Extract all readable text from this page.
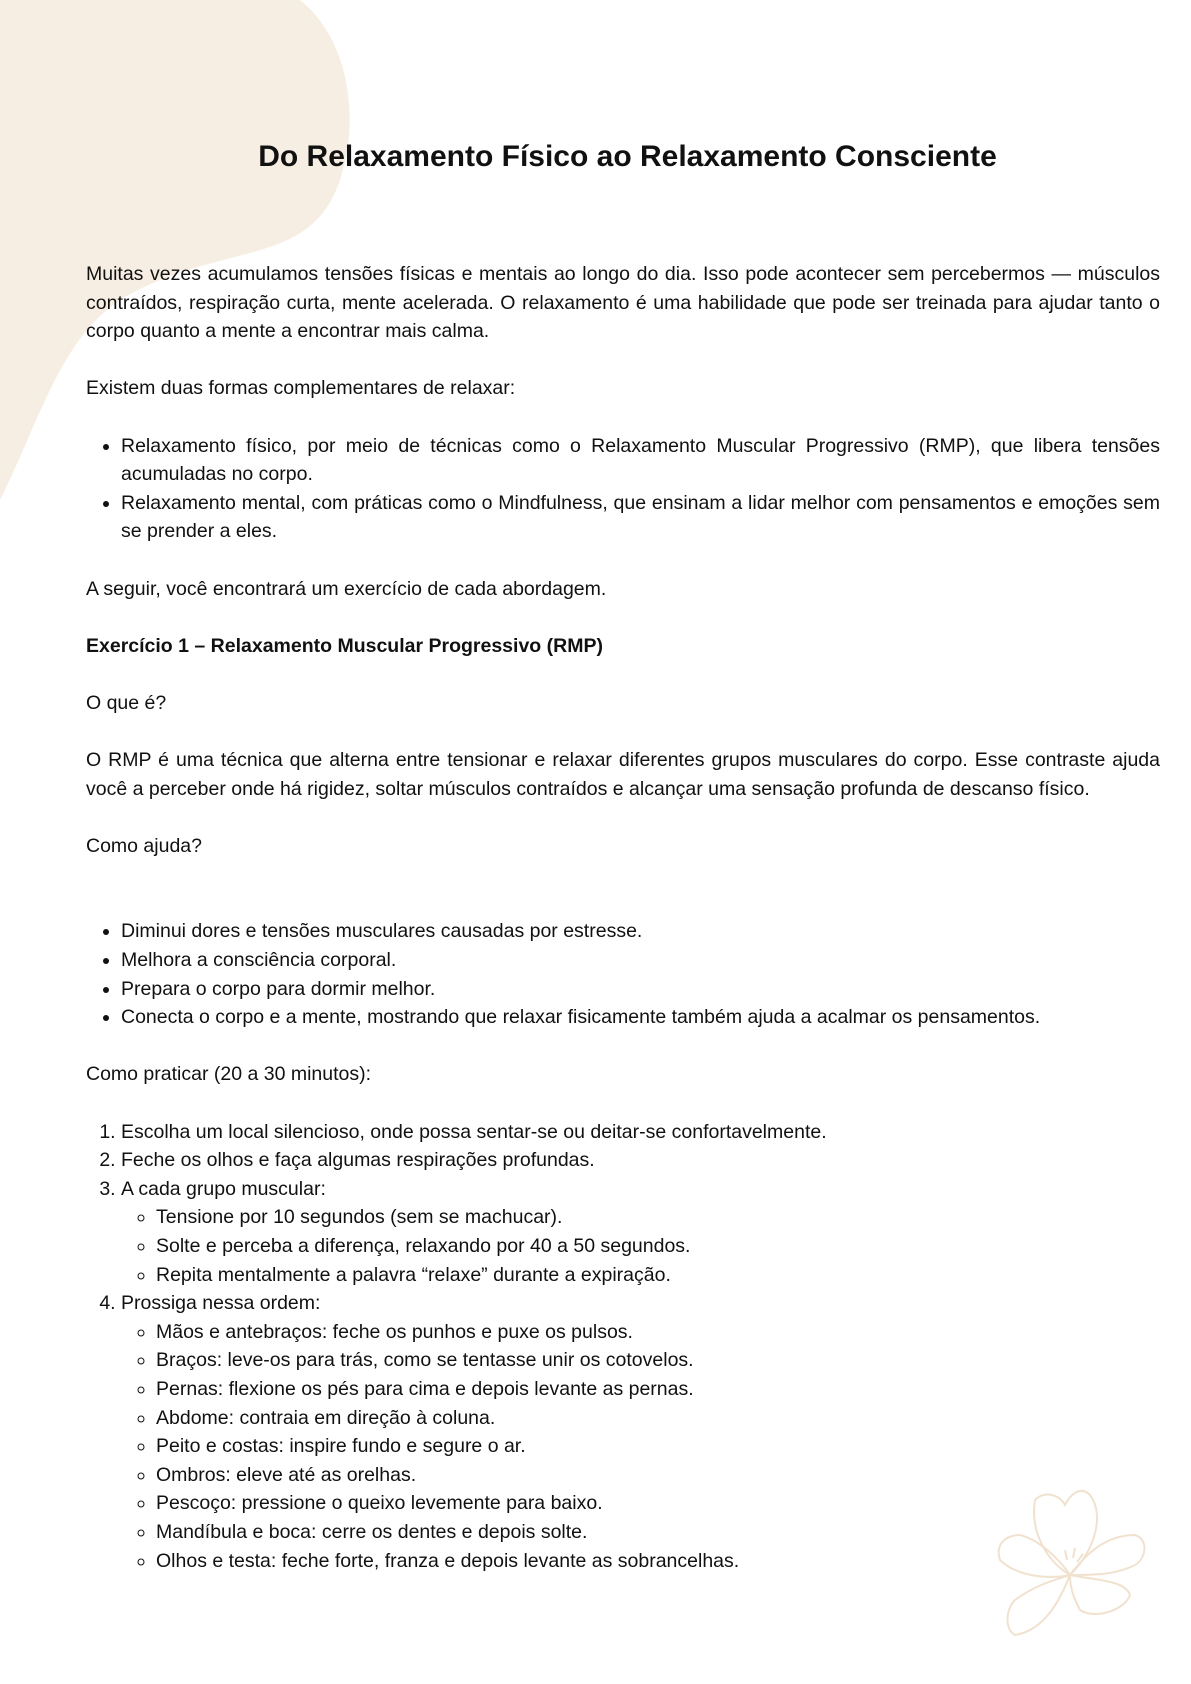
Do Relaxamento Físico ao Relaxamento Consciente

Muitas vezes acumulamos tensões físicas e mentais ao longo do dia. Isso pode acontecer sem percebermos — músculos contraídos, respiração curta, mente acelerada. O relaxamento é uma habilidade que pode ser treinada para ajudar tanto o corpo quanto a mente a encontrar mais calma.

Existem duas formas complementares de relaxar:

• Relaxamento físico, por meio de técnicas como o Relaxamento Muscular Progressivo (RMP), que libera tensões acumuladas no corpo.
• Relaxamento mental, com práticas como o Mindfulness, que ensinam a lidar melhor com pensamentos e emoções sem se prender a eles.

A seguir, você encontrará um exercício de cada abordagem.

Exercício 1 – Relaxamento Muscular Progressivo (RMP)

O que é?

O RMP é uma técnica que alterna entre tensionar e relaxar diferentes grupos musculares do corpo. Esse contraste ajuda você a perceber onde há rigidez, soltar músculos contraídos e alcançar uma sensação profunda de descanso físico.

Como ajuda?

• Diminui dores e tensões musculares causadas por estresse.
• Melhora a consciência corporal.
• Prepara o corpo para dormir melhor.
• Conecta o corpo e a mente, mostrando que relaxar fisicamente também ajuda a acalmar os pensamentos.

Como praticar (20 a 30 minutos):

1. Escolha um local silencioso, onde possa sentar-se ou deitar-se confortavelmente.
2. Feche os olhos e faça algumas respirações profundas.
3. A cada grupo muscular:
◦ Tensione por 10 segundos (sem se machucar).
◦ Solte e perceba a diferença, relaxando por 40 a 50 segundos.
◦ Repita mentalmente a palavra “relaxe” durante a expiração.
4. Prossiga nessa ordem:
◦ Mãos e antebraços: feche os punhos e puxe os pulsos.
◦ Braços: leve-os para trás, como se tentasse unir os cotovelos.
◦ Pernas: flexione os pés para cima e depois levante as pernas.
◦ Abdome: contraia em direção à coluna.
◦ Peito e costas: inspire fundo e segure o ar.
◦ Ombros: eleve até as orelhas.
◦ Pescoço: pressione o queixo levemente para baixo.
◦ Mandíbula e boca: cerre os dentes e depois solte.
◦ Olhos e testa: feche forte, franza e depois levante as sobrancelhas.
